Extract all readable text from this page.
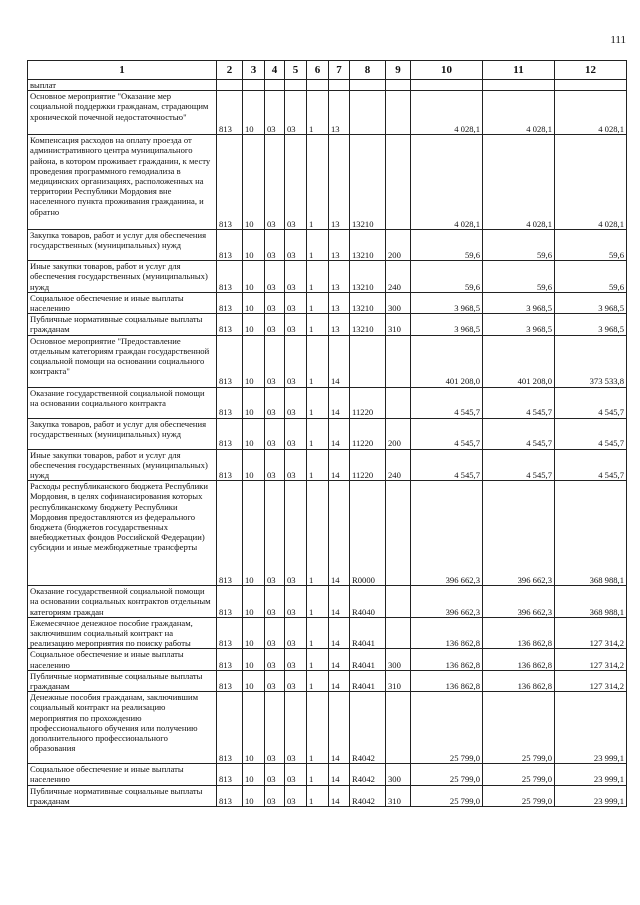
111
1	2	3	4	5	6	7	8	9	10	11	12
выплат											
Основное мероприятие "Оказание мер социальной поддержки гражданам, страдающим хронической почечной недостаточностью"	813	10	03	03	1	13			4 028,1	4 028,1	4 028,1
Компенсация расходов на оплату проезда от административного центра муниципального района, в котором проживает гражданин, к месту проведения программного гемодиализа в медицинских организациях, расположенных на территории Республики Мордовия вне населенного пункта проживания гражданина, и обратно	813	10	03	03	1	13	13210		4 028,1	4 028,1	4 028,1
Закупка товаров, работ и услуг для обеспечения государственных (муниципальных) нужд	813	10	03	03	1	13	13210	200	59,6	59,6	59,6
Иные закупки товаров, работ и услуг для обеспечения государственных (муниципальных) нужд	813	10	03	03	1	13	13210	240	59,6	59,6	59,6
Социальное обеспечение и иные выплаты населению	813	10	03	03	1	13	13210	300	3 968,5	3 968,5	3 968,5
Публичные нормативные социальные выплаты гражданам	813	10	03	03	1	13	13210	310	3 968,5	3 968,5	3 968,5
Основное мероприятие "Предоставление отдельным категориям граждан государственной социальной помощи на основании социального контракта"	813	10	03	03	1	14			401 208,0	401 208,0	373 533,8
Оказание государственной социальной помощи на основании социального контракта	813	10	03	03	1	14	11220		4 545,7	4 545,7	4 545,7
Закупка товаров, работ и услуг для обеспечения государственных (муниципальных) нужд	813	10	03	03	1	14	11220	200	4 545,7	4 545,7	4 545,7
Иные закупки товаров, работ и услуг для обеспечения государственных (муниципальных) нужд	813	10	03	03	1	14	11220	240	4 545,7	4 545,7	4 545,7
Расходы республиканского бюджета Республики Мордовия, в целях софинансирования которых республиканскому бюджету Республики Мордовия предоставляются из федерального бюджета (бюджетов государственных внебюджетных фондов Российской Федерации) субсидии и иные межбюджетные трансферты	813	10	03	03	1	14	R0000		396 662,3	396 662,3	368 988,1
Оказание государственной социальной помощи на основании социальных контрактов отдельным категориям граждан	813	10	03	03	1	14	R4040		396 662,3	396 662,3	368 988,1
Ежемесячное денежное пособие гражданам, заключившим социальный контракт на реализацию мероприятия по поиску работы	813	10	03	03	1	14	R4041		136 862,8	136 862,8	127 314,2
Социальное обеспечение и иные выплаты населению	813	10	03	03	1	14	R4041	300	136 862,8	136 862,8	127 314,2
Публичные нормативные социальные выплаты гражданам	813	10	03	03	1	14	R4041	310	136 862,8	136 862,8	127 314,2
Денежные пособия гражданам, заключившим социальный контракт на реализацию мероприятия по прохождению профессионального обучения или получению дополнительного профессионального образования	813	10	03	03	1	14	R4042		25 799,0	25 799,0	23 999,1
Социальное обеспечение и иные выплаты населению	813	10	03	03	1	14	R4042	300	25 799,0	25 799,0	23 999,1
Публичные нормативные социальные выплаты гражданам	813	10	03	03	1	14	R4042	310	25 799,0	25 799,0	23 999,1
